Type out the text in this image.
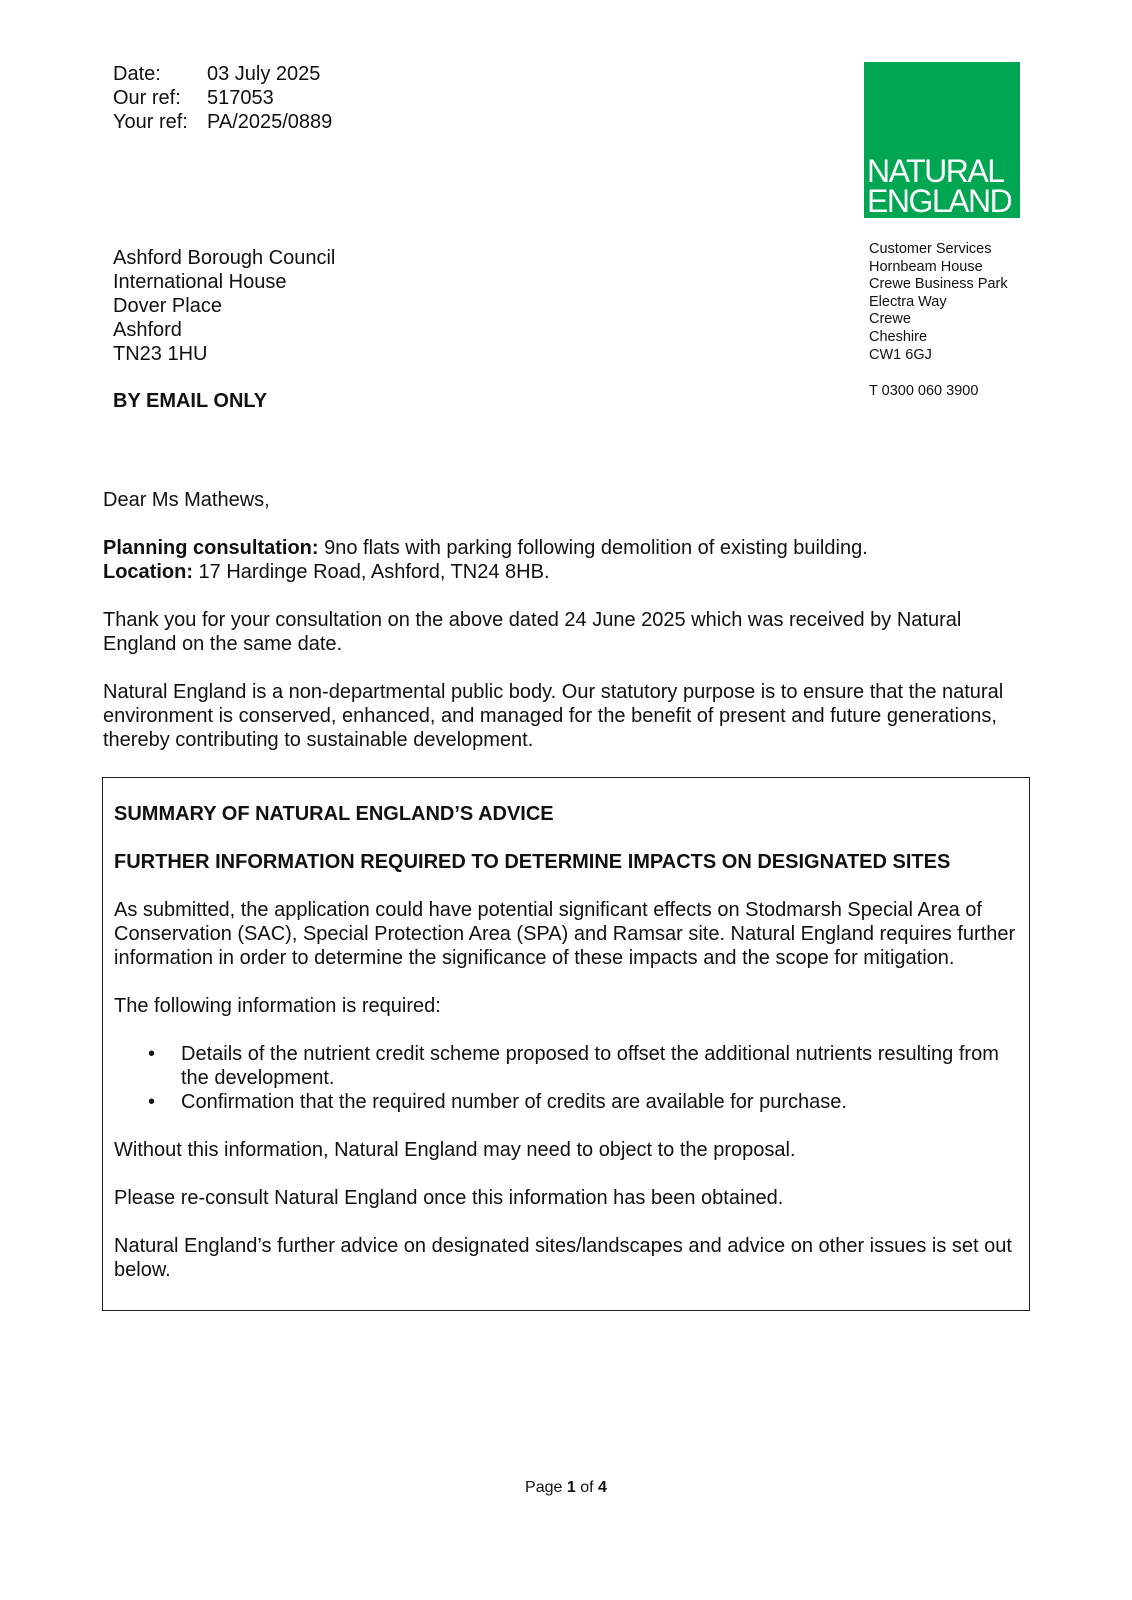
Date:	03 July 2025
Our ref:	517053
Your ref: PA/2025/0889
NATURAL
ENGLAND
Ashford Borough Council
International House
Dover Place
Ashford
TN23 1HU
BY EMAIL ONLY
Customer Services
Hornbeam House
Crewe Business Park
Electra Way
Crewe
Cheshire
CW1 6GJ
T 0300 060 3900
Dear Ms Mathews,

Planning consultation: 9no flats with parking following demolition of existing building.

Location: 17 Hardinge Road, Ashford, TN24 8HB.

Thank you for your consultation on the above dated 24 June 2025 which was received by Natural England on the same date.
Natural England is a non-departmental public body. Our statutory purpose is to ensure that the natural environment is conserved, enhanced, and managed for the benefit of present and future generations, thereby contributing to sustainable development.

SUMMARY OF NATURAL ENGLAND’S ADVICE

FURTHER INFORMATION REQUIRED TO DETERMINE IMPACTS ON DESIGNATED SITES

As submitted, the application could have potential significant effects on Stodmarsh Special Area of Conservation (SAC), Special Protection Area (SPA) and Ramsar site. Natural England requires further information in order to determine the significance of these impacts and the scope for mitigation.

The following information is required:

• Details of the nutrient credit scheme proposed to offset the additional nutrients resulting from the development.
• Confirmation that the required number of credits are available for purchase.

Without this information, Natural England may need to object to the proposal.

Please re-consult Natural England once this information has been obtained.

Natural England’s further advice on designated sites/landscapes and advice on other issues is set out below.

Page 1 of 4
